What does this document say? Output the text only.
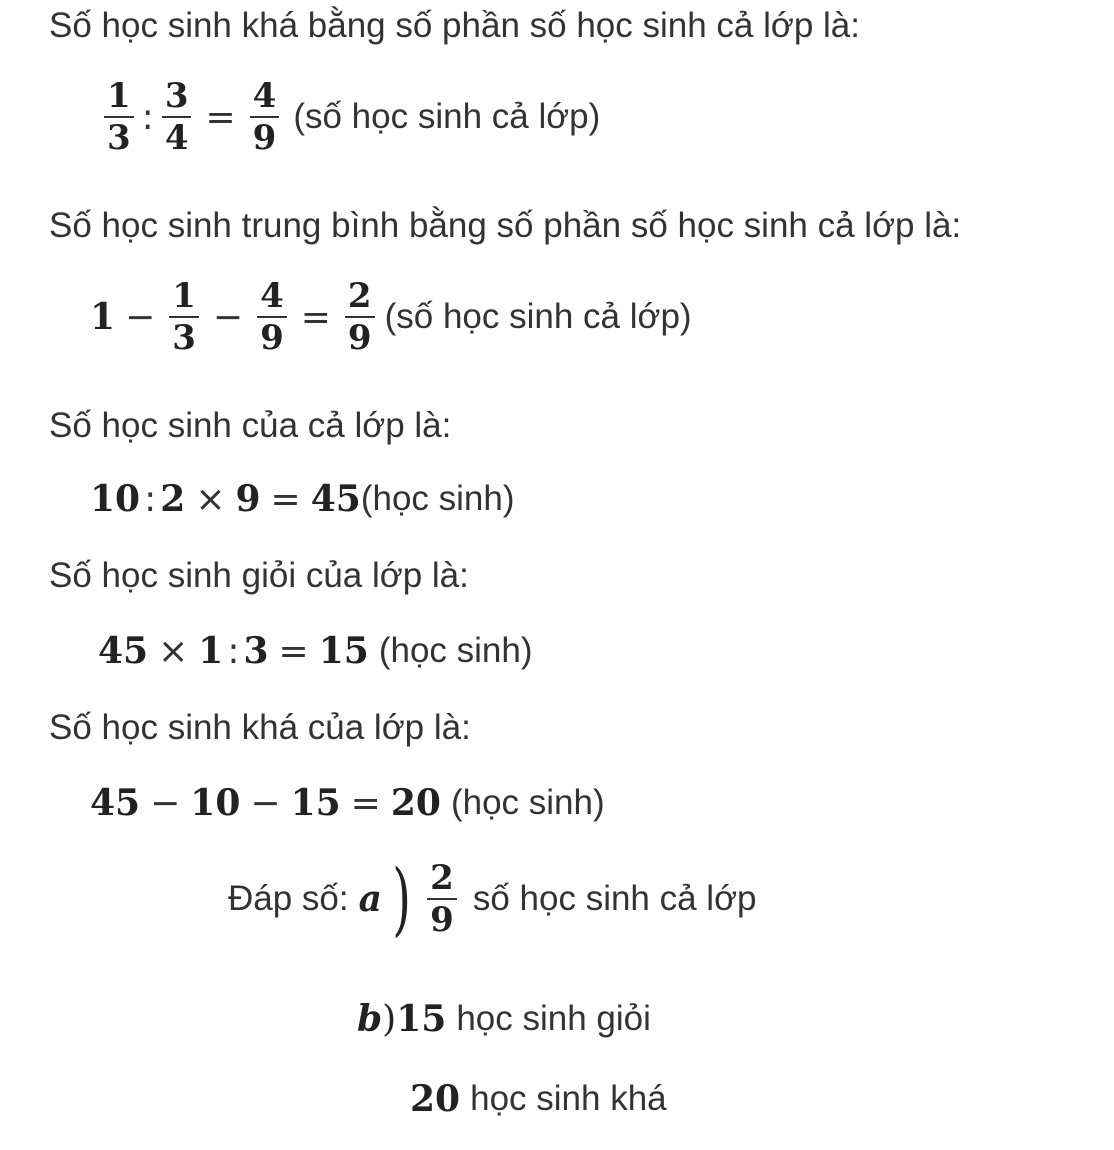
Số học sinh khá bằng số phần số học sinh cả lớp là:
$\frac{1}{3}$ : $\frac{3}{4} = \frac{4}{9}$ (số học sinh cả lớp)
Số học sinh trung bình bằng số phần số học sinh cả lớp là:
$1 - \frac{1}{3} - \frac{4}{9} = \frac{2}{9}$ (số học sinh cả lớp)
Số học sinh của cả lớp là:
10 : 2 × 9 = 45 (học sinh)
Số học sinh giỏi của lớp là:
45 × 1 : 3 = 15 (học sinh)
Số học sinh khá của lớp là:
45 − 10 − 15 = 20 (học sinh)
Đáp số: a ) $\frac{2}{9}$ số học sinh cả lớp
b ) 15 học sinh giỏi
20 học sinh khá
